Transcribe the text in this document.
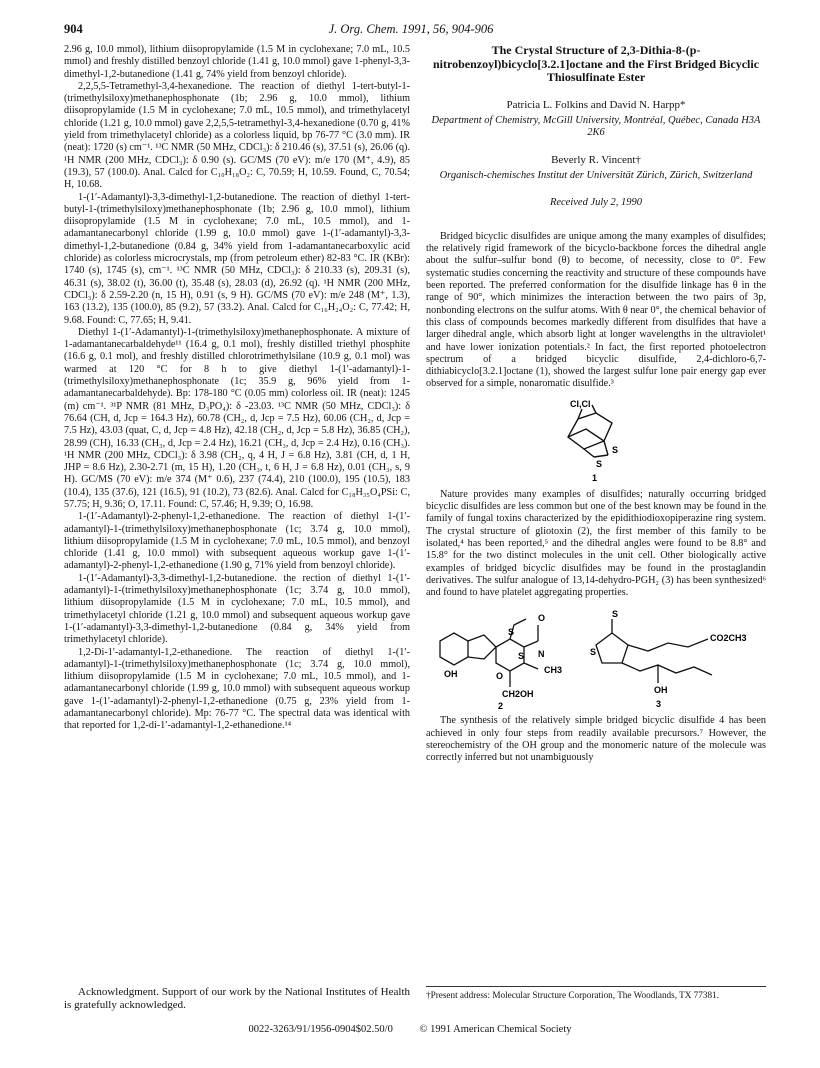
904	J. Org. Chem. 1991, 56, 904-906

2.96 g, 10.0 mmol), lithium diisopropylamide (1.5 M in cyclohexane; 7.0 mL, 10.5 mmol) and freshly distilled benzoyl chloride (1.41 g, 10.0 mmol) gave 1-phenyl-3,3-dimethyl-1,2-butanedione (1.41 g, 74% yield from benzoyl chloride).

2,2,5,5-Tetramethyl-3,4-hexanedione. The reaction of diethyl 1-tert-butyl-1-(trimethylsiloxy)methanephosphonate (1b; 2.96 g, 10.0 mmol), lithium diisopropylamide (1.5 M in cyclohexane; 7.0 mL, 10.5 mmol), and trimethylacetyl chloride (1.21 g, 10.0 mmol) gave 2,2,5,5-tetramethyl-3,4-hexanedione (0.70 g, 41% yield from trimethylacetyl chloride) as a colorless liquid, bp 76-77 °C (3.0 mm). IR (neat): 1720 (s) cm⁻¹. ¹³C NMR (50 MHz, CDCl₃): δ 210.46 (s), 37.51 (s), 26.06 (q). ¹H NMR (200 MHz, CDCl₃): δ 0.90 (s). GC/MS (70 eV): m/e 170 (M⁺, 4.9), 85 (19.3), 57 (100.0). Anal. Calcd for C₁₀H₁₈O₂: C, 70.59; H, 10.59. Found, C, 70.54; H, 10.68.

1-(1′-Adamantyl)-3,3-dimethyl-1,2-butanedione. The reaction of diethyl 1-tert-butyl-1-(trimethylsiloxy)methanephosphonate (1b; 2.96 g, 10.0 mmol), lithium diisopropylamide (1.5 M in cyclohexane; 7.0 mL, 10.5 mmol), and 1-adamantanecarbonyl chloride (1.99 g, 10.0 mmol) gave 1-(1′-adamantyl)-3,3-dimethyl-1,2-butanedione (0.84 g, 34% yield from 1-adamantanecarboxylic acid chloride) as colorless microcrystals, mp (from petroleum ether) 82-83 °C. IR (KBr): 1740 (s), 1745 (s), cm⁻¹. ¹³C NMR (50 MHz, CDCl₃): δ 210.33 (s), 209.31 (s), 46.31 (s), 38.02 (t), 36.00 (t), 35.48 (s), 28.03 (d), 26.92 (q). ¹H NMR (200 MHz, CDCl₃): δ 2.59-2.20 (n, 15 H), 0.91 (s, 9 H). GC/MS (70 eV): m/e 248 (M⁺, 1.3), 163 (13.2), 135 (100.0), 85 (9.2), 57 (33.2). Anal. Calcd for C₁₆H₂₄O₂: C, 77.42; H, 9.68. Found: C, 77.65; H, 9.41.

Diethyl 1-(1′-Adamantyl)-1-(trimethylsiloxy)methanephosphonate. A mixture of 1-adamantanecarbaldehyde¹¹ (16.4 g, 0.1 mol), freshly distilled triethyl phosphite (16.6 g, 0.1 mol), and freshly distilled chlorotrimethylsilane (10.9 g, 0.1 mol) was warmed at 120 °C for 8 h to give diethyl 1-(1′-adamantyl)-1-(trimethylsiloxy)methanephosphonate (1c; 35.9 g, 96% yield from 1-adamantanecarbaldehyde). Bp: 178-180 °C (0.05 mm) colorless oil. IR (neat): 1245 (m) cm⁻¹. ³¹P NMR (81 MHz, D₃PO₄): δ -23.03. ¹³C NMR (50 MHz, CDCl₃): δ 76.64 (CH, d, Jcp = 164.3 Hz), 60.78 (CH₂, d, Jcp = 7.5 Hz), 60.06 (CH₂, d, Jcp = 7.5 Hz), 43.03 (quat, C, d, Jcp = 4.8 Hz), 42.18 (CH₂, d, Jcp = 5.8 Hz), 36.85 (CH₂), 28.99 (CH), 16.33 (CH₃, d, Jcp = 2.4 Hz), 16.21 (CH₃, d, Jcp = 2.4 Hz), 0.16 (CH₃). ¹H NMR (200 MHz, CDCl₃): δ 3.98 (CH₂, q, 4 H, J = 6.8 Hz), 3.81 (CH, d, 1 H, JHP = 8.6 Hz), 2.30-2.71 (m, 15 H), 1.20 (CH₃, t, 6 H, J = 6.8 Hz), 0.01 (CH₃, s, 9 H). GC/MS (70 eV): m/e 374 (M⁺ 0.6), 237 (74.4), 210 (100.0), 195 (10.5), 183 (10.4), 135 (37.6), 121 (16.5), 91 (10.2), 73 (82.6). Anal. Calcd for C₁₈H₃₅O₄PSi: C, 57.75; H, 9.36; O, 17.11. Found: C, 57.46; H, 9.39; O, 16.98.

1-(1′-Adamantyl)-2-phenyl-1,2-ethanedione. The reaction of diethyl 1-(1′-adamantyl)-1-(trimethylsiloxy)methanephosphonate (1c; 3.74 g, 10.0 mmol), lithium diisopropylamide (1.5 M in cyclohexane; 7.0 mL, 10.5 mmol), and benzoyl chloride (1.41 g, 10.0 mmol) with subsequent aqueous workup gave 1-(1′-adamantyl)-2-phenyl-1,2-ethanedione (1.90 g, 71% yield from benzoyl chloride).

1-(1′-Adamantyl)-3,3-dimethyl-1,2-butanedione. the rection of diethyl 1-(1′-adamantyl)-1-(trimethylsiloxy)methanephosphonate (1c; 3.74 g, 10.0 mmol), lithium diisopropylamide (1.5 M in cyclohexane; 7.0 mL, 10.5 mmol), and trimethylacetyl chloride (1.21 g, 10.0 mmol) and subsequent aqueous workup gave 1-(1′-adamantyl)-3,3-dimethyl-1,2-butanedione (0.84 g, 34% yield from trimethylacetyl chloride).

1,2-Di-1′-adamantyl-1,2-ethanedione. The reaction of diethyl 1-(1′-adamantyl)-1-(trimethylsiloxy)methanephosphonate (1c; 3.74 g, 10.0 mmol), lithium diisopropylamide (1.5 M in cyclohexane; 7.0 mL, 10.5 mmol), and 1-adamantanecarbonyl chloride (1.99 g, 10.0 mmol) with subsequent aqueous workup gave 1-(1′-adamantyl)-2-phenyl-1,2-ethanedione (0.75 g, 23% yield from 1-adamantanecarbonyl chloride). Mp: 76-77 °C. The spectral data was identical with that reported for 1,2-di-1′-adamantyl-1,2-ethanedione.¹⁴

Acknowledgment. Support of our work by the National Institutes of Health is gratefully acknowledged.
The Crystal Structure of 2,3-Dithia-8-(p-nitrobenzoyl)bicyclo[3.2.1]octane and the First Bridged Bicyclic Thiosulfinate Ester
Patricia L. Folkins and David N. Harpp*
Department of Chemistry, McGill University, Montréal, Québec, Canada H3A 2K6
Beverly R. Vincent†
Organisch-chemisches Institut der Universität Zürich, Zürich, Switzerland
Received July 2, 1990

Bridged bicyclic disulfides are unique among the many examples of disulfides; the relatively rigid framework of the bicyclo-backbone forces the dihedral angle about the sulfur–sulfur bond (θ) to become, of necessity, close to 0°. Few systematic studies concerning the reactivity and structure of these compounds have been reported. The preferred conformation for the disulfide linkage has θ in the range of 90°, which minimizes the interaction between the two pairs of 3p, nonbonding electrons on the sulfur atoms. With θ near 0°, the chemical behavior of this class of compounds becomes markedly different from disulfides that have a larger dihedral angle, which absorb light at longer wavelengths in the ultraviolet¹ and have lower ionization potentials.² In fact, the first reported photoelectron spectrum of a bridged bicyclic disulfide, 2,4-dichloro-6,7-dithiabicyclo[3.2.1]octane (1), showed the largest sulfur lone pair energy gap ever observed for a simple, nonaromatic disulfide.³

Cl,Cl
S
S
1

Nature provides many examples of disulfides; naturally occurring bridged bicyclic disulfides are less common but one of the best known may be found in the family of fungal toxins characterized by the epidithiodioxopiperazine ring system. The crystal structure of gliotoxin (2), the first member of this family to be isolated,⁴ has been reported,⁵ and the dihedral angles were found to be 8.8° and 15.8° for the two distinct molecules in the unit cell. Other biologically active examples of bridged bicyclic disulfides may be found in the prostaglandin derivatives. The sulfur analogue of 13,14-dehydro-PGH₂ (3) has been synthesized⁶ and found to have platelet aggregating properties.

S
S
O
OH
N
CH3
O
CH2OH
2
S
S
CO2CH3
OH
3

The synthesis of the relatively simple bridged bicyclic disulfide 4 has been achieved in only four steps from readily available precursors.⁷ However, the stereochemistry of the OH group and the monomeric nature of the molecule was correctly inferred but not unambiguously

†Present address: Molecular Structure Corporation, The Woodlands, TX 77381.
0022-3263/91/1956-0904$02.50/0	© 1991 American Chemical Society
